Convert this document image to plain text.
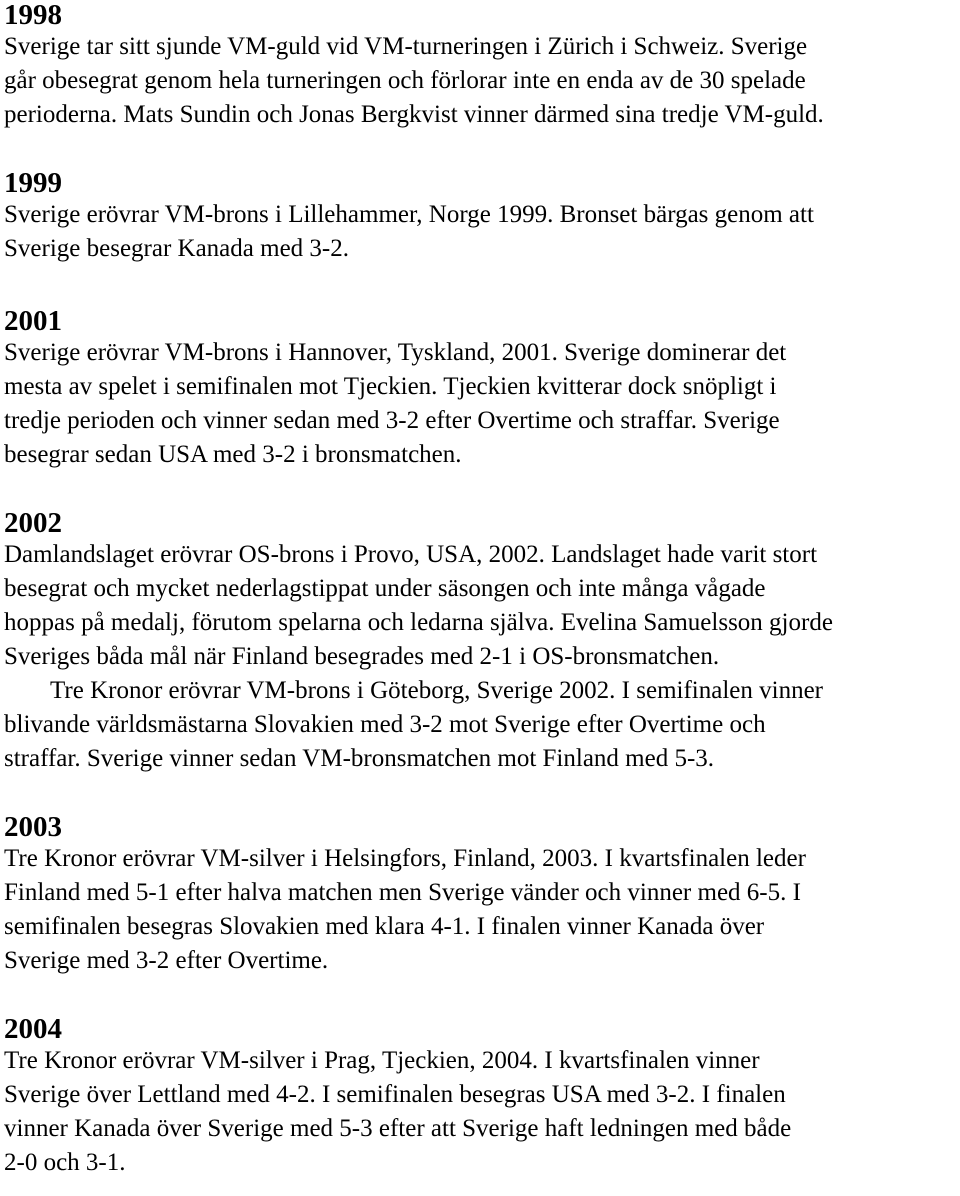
1998
Sverige tar sitt sjunde VM-guld vid VM-turneringen i Zürich i Schweiz. Sverige
går obesegrat genom hela turneringen och förlorar inte en enda av de 30 spelade
perioderna. Mats Sundin och Jonas Bergkvist vinner därmed sina tredje VM-guld.
1999
Sverige erövrar VM-brons i Lillehammer, Norge 1999. Bronset bärgas genom att
Sverige besegrar Kanada med 3-2.
2001
Sverige erövrar VM-brons i Hannover, Tyskland, 2001. Sverige dominerar det
mesta av spelet i semifinalen mot Tjeckien. Tjeckien kvitterar dock snöpligt i
tredje perioden och vinner sedan med 3-2 efter Overtime och straffar. Sverige
besegrar sedan USA med 3-2 i bronsmatchen.
2002
Damlandslaget erövrar OS-brons i Provo, USA, 2002. Landslaget hade varit stort
besegrat och mycket nederlagstippat under säsongen och inte många vågade
hoppas på medalj, förutom spelarna och ledarna själva. Evelina Samuelsson gjorde
Sveriges båda mål när Finland besegrades med 2-1 i OS-bronsmatchen.
Tre Kronor erövrar VM-brons i Göteborg, Sverige 2002. I semifinalen vinner
blivande världsmästarna Slovakien med 3-2 mot Sverige efter Overtime och
straffar. Sverige vinner sedan VM-bronsmatchen mot Finland med 5-3.
2003
Tre Kronor erövrar VM-silver i Helsingfors, Finland, 2003. I kvartsfinalen leder
Finland med 5-1 efter halva matchen men Sverige vänder och vinner med 6-5. I
semifinalen besegras Slovakien med klara 4-1. I finalen vinner Kanada över
Sverige med 3-2 efter Overtime.
2004
Tre Kronor erövrar VM-silver i Prag, Tjeckien, 2004. I kvartsfinalen vinner
Sverige över Lettland med 4-2. I semifinalen besegras USA med 3-2. I finalen
vinner Kanada över Sverige med 5-3 efter att Sverige haft ledningen med både
2-0 och 3-1.
